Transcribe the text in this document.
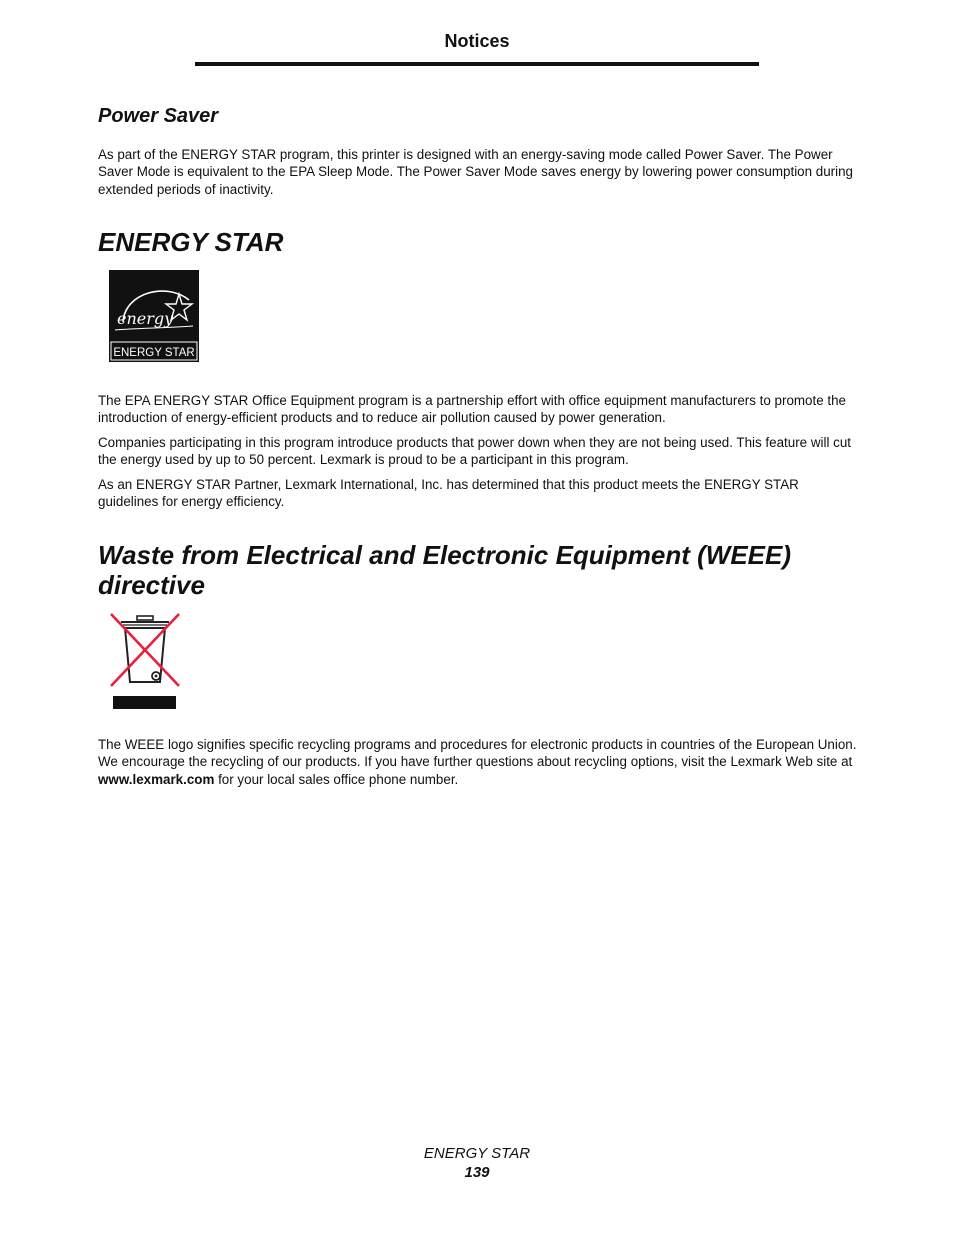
Notices
Power Saver

As part of the ENERGY STAR program, this printer is designed with an energy-saving mode called Power Saver. The Power Saver Mode is equivalent to the EPA Sleep Mode. The Power Saver Mode saves energy by lowering power consumption during extended periods of inactivity.

ENERGY STAR

The EPA ENERGY STAR Office Equipment program is a partnership effort with office equipment manufacturers to promote the introduction of energy-efficient products and to reduce air pollution caused by power generation.

Companies participating in this program introduce products that power down when they are not being used. This feature will cut the energy used by up to 50 percent. Lexmark is proud to be a participant in this program.

As an ENERGY STAR Partner, Lexmark International, Inc. has determined that this product meets the ENERGY STAR guidelines for energy efficiency.

Waste from Electrical and Electronic Equipment (WEEE) directive

The WEEE logo signifies specific recycling programs and procedures for electronic products in countries of the European Union. We encourage the recycling of our products. If you have further questions about recycling options, visit the Lexmark Web site at www.lexmark.com for your local sales office phone number.

energy
ENERGY STAR
ENERGY STAR
139
